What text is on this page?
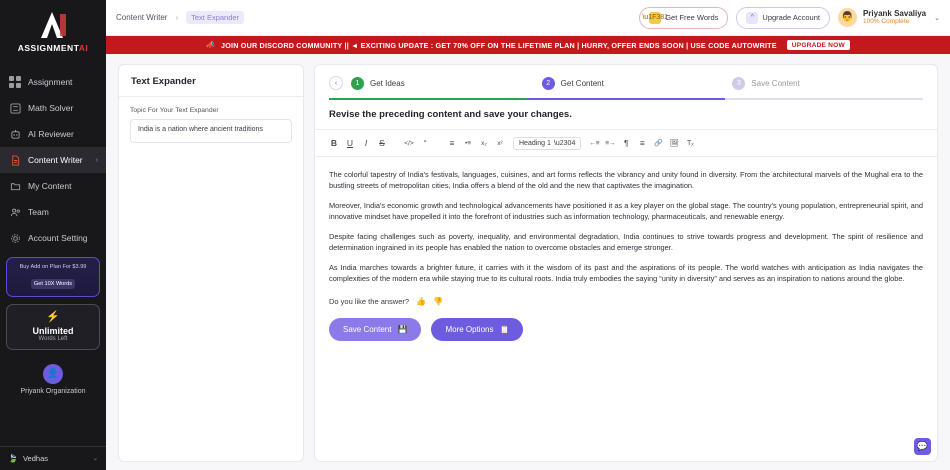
ASSIGNMENTAI
Assignment
Math Solver
AI Reviewer
Content Writer ›
My Content
Team
Account Setting
Buy Add on Plan For $3.99
Get 10X Words
⚡
Unlimited
Words Left
👤
Priyank Organization
🍃 Vedhas	⌄
Content Writer ›	Text Expander	\u1F381
Get Free Words	^	Upgrade Account	👨	Priyank Savaliya
100% Complete
⌄
📣 JOIN OUR DISCORD COMMUNITY || ◄ EXCITING UPDATE : GET 70% OFF ON THE LIFETIME PLAN | HURRY, OFFER ENDS SOON | USE CODE AUTOWRITE	UPGRADE NOW
Text Expander
Topic For Your Text Expander
India is a nation where ancient traditions
‹	1	Get Ideas	2	Get Content	3	Save Content
Revise the preceding content and save your changes.
B	U	I	S	</>	“	≡	•≡	x₂	x²	Heading 1 \u2304 ←≡ ≡→	¶	≡	🔗	🖼	Tₓ

The colorful tapestry of India's festivals, languages, cuisines, and art forms reflects the vibrancy and unity found in diversity. From the architectural marvels of the Mughal era to the bustling streets of metropolitan cities, India offers a blend of the old and the new that captivates the imagination.

Moreover, India's economic growth and technological advancements have positioned it as a key player on the global stage. The country's young population, entrepreneurial spirit, and innovative mindset have propelled it into the forefront of industries such as information technology, pharmaceuticals, and renewable energy.

Despite facing challenges such as poverty, inequality, and environmental degradation, India continues to strive towards progress and development. The spirit of resilience and determination ingrained in its people has enabled the nation to overcome obstacles and emerge stronger.

As India marches towards a brighter future, it carries with it the wisdom of its past and the aspirations of its people. The world watches with anticipation as India navigates the complexities of the modern era while staying true to its cultural roots. India truly embodies the saying “unity in diversity” and serves as an inspiration to nations around the globe.

Do you like the answer? 👍 👎
Save Content 💾	More Options 📋
💬
